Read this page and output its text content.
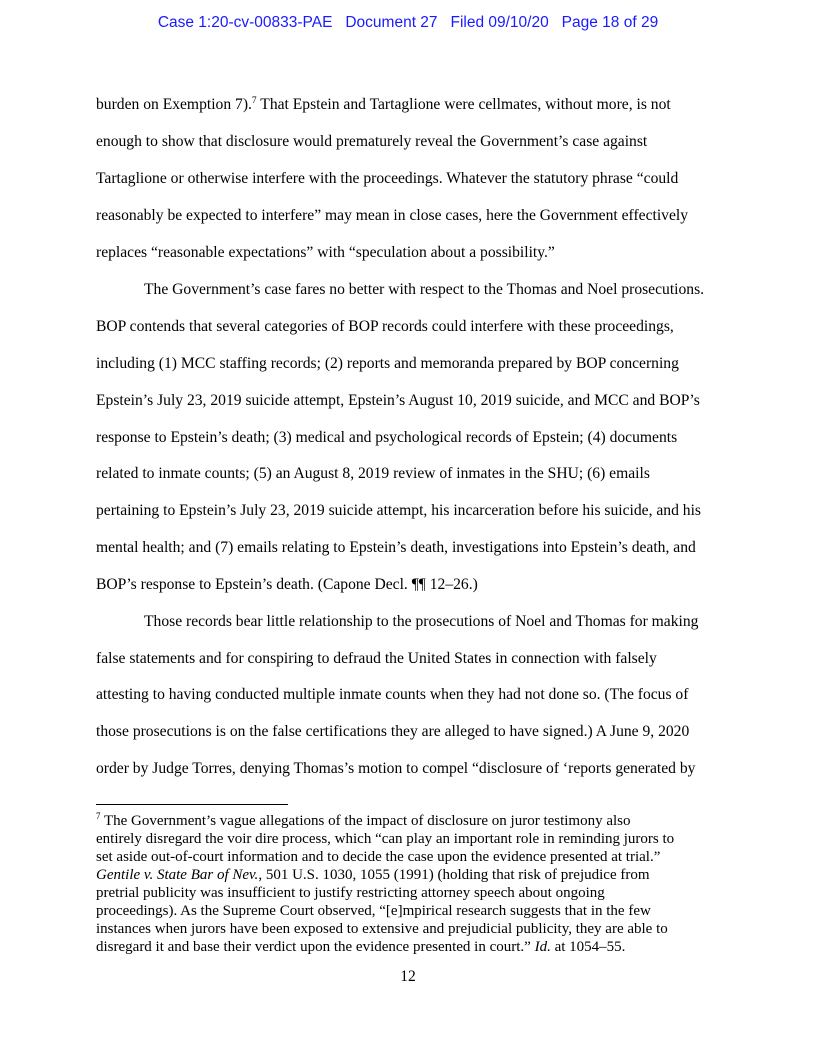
Case 1:20-cv-00833-PAE Document 27 Filed 09/10/20 Page 18 of 29
burden on Exemption 7).$^7$ That Epstein and Tartaglione were cellmates, without more, is not
enough to show that disclosure would prematurely reveal the Government’s case against
Tartaglione or otherwise interfere with the proceedings. Whatever the statutory phrase “could
reasonably be expected to interfere” may mean in close cases, here the Government effectively
replaces “reasonable expectations” with “speculation about a possibility.”
The Government’s case fares no better with respect to the Thomas and Noel prosecutions.
BOP contends that several categories of BOP records could interfere with these proceedings,
including (1) MCC staffing records; (2) reports and memoranda prepared by BOP concerning
Epstein’s July 23, 2019 suicide attempt, Epstein’s August 10, 2019 suicide, and MCC and BOP’s
response to Epstein’s death; (3) medical and psychological records of Epstein; (4) documents
related to inmate counts; (5) an August 8, 2019 review of inmates in the SHU; (6) emails
pertaining to Epstein’s July 23, 2019 suicide attempt, his incarceration before his suicide, and his
mental health; and (7) emails relating to Epstein’s death, investigations into Epstein’s death, and
BOP’s response to Epstein’s death. (Capone Decl. ¶¶ 12–26.)
Those records bear little relationship to the prosecutions of Noel and Thomas for making
false statements and for conspiring to defraud the United States in connection with falsely
attesting to having conducted multiple inmate counts when they had not done so. (The focus of
those prosecutions is on the false certifications they are alleged to have signed.) A June 9, 2020
order by Judge Torres, denying Thomas’s motion to compel “disclosure of ‘reports generated by
$^7$ The Government’s vague allegations of the impact of disclosure on juror testimony also
entirely disregard the voir dire process, which “can play an important role in reminding jurors to
set aside out-of-court information and to decide the case upon the evidence presented at trial.”
Gentile v. State Bar of Nev., 501 U.S. 1030, 1055 (1991) (holding that risk of prejudice from
pretrial publicity was insufficient to justify restricting attorney speech about ongoing
proceedings). As the Supreme Court observed, “[e]mpirical research suggests that in the few
instances when jurors have been exposed to extensive and prejudicial publicity, they are able to
disregard it and base their verdict upon the evidence presented in court.” Id. at 1054–55.
12
